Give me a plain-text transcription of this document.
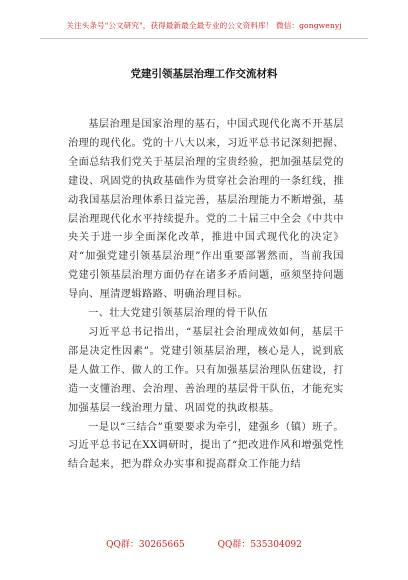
关注头条号"公文研究"，获得最新最全最专业的公文资料库！ 微信：gongwenyj
党建引领基层治理工作交流材料

基层治理是国家治理的基石，中国式现代化离不开基层治理的现代化。党的十八大以来，习近平总书记深刻把握、全面总结我们党关于基层治理的宝贵经验，把加强基层党的建设、巩固党的执政基础作为贯穿社会治理的一条红线，推动我国基层治理体系日益完善，基层治理能力不断增强，基层治理现代化水平持续提升。党的二十届三中全会《中共中央关于进一步全面深化改革，推进中国式现代化的决定》对“加强党建引领基层治理”作出重要部署然而，当前我国党建引领基层治理方面仍存在诸多矛盾问题，亟须坚持问题导向、厘清逻辑路路、明确治理目标。

一、壮大党建引领基层治理的骨干队伍

习近平总书记指出，“基层社会治理成效如何，基层干部是决定性因素”。党建引领基层治理，核心是人，说到底是人做工作、做人的工作。只有加强基层治理队伍建设，打造一支懂治理、会治理、善治理的基层骨干队伍，才能充实加强基层一线治理力量、巩固党的执政根基。

一是以“三结合”重要要求为牵引，建强乡（镇）班子。习近平总书记在XX调研时，提出了“把改进作风和增强党性结合起来，把为群众办实事和提高群众工作能力结

QQ群：30265665	QQ群：535304092
